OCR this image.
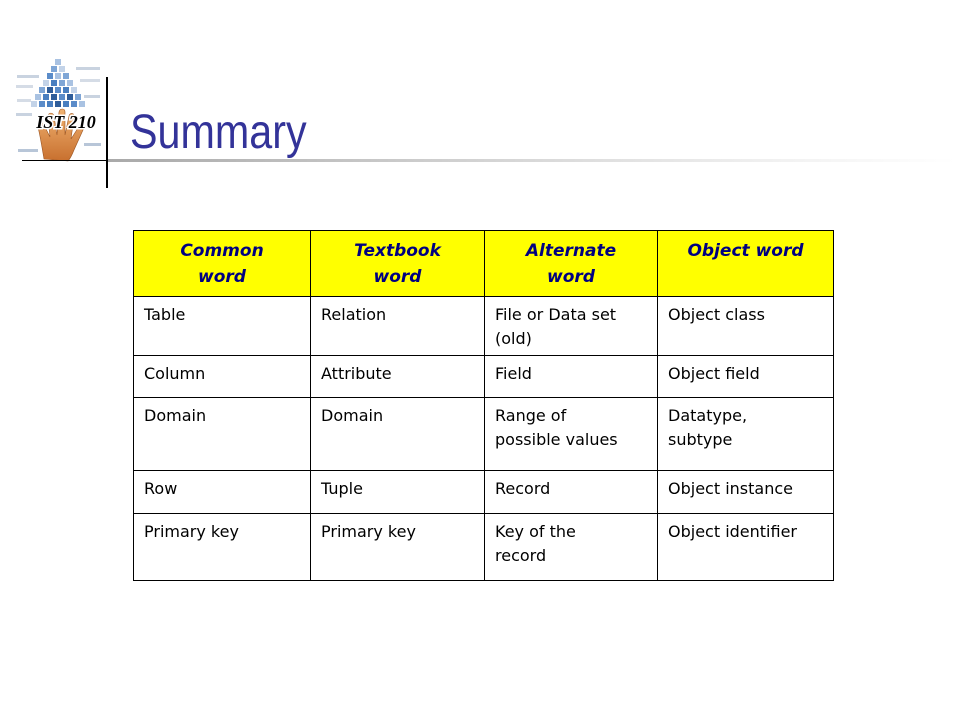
IST 210 Summary
Common word	Textbook word	Alternate word	Object word
Table	Relation	File or Data set (old)	Object class
Column	Attribute	Field	Object field
Domain	Domain	Range of possible values	Datatype, subtype
Row	Tuple	Record	Object instance
Primary key	Primary key	Key of the record	Object identifier
